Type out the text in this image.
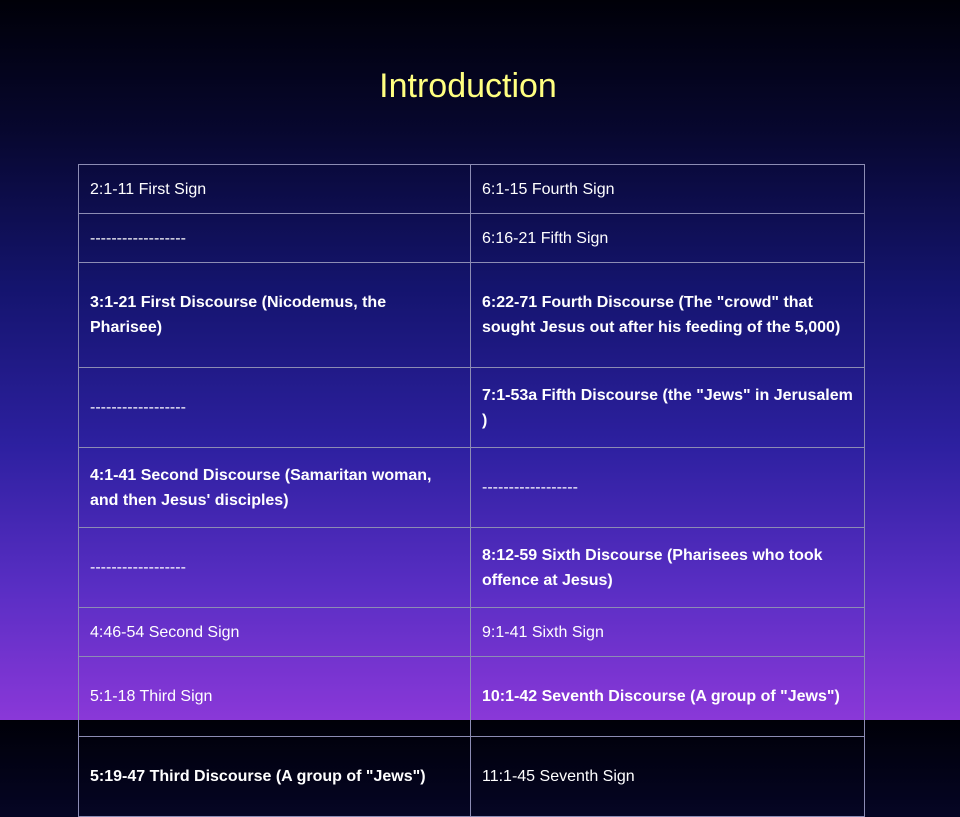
Introduction
2:1-11 First Sign	6:1-15 Fourth Sign
------------------	6:16-21 Fifth Sign
3:1-21 First Discourse (Nicodemus, the Pharisee)	6:22-71 Fourth Discourse (The "crowd" that sought Jesus out after his feeding of the 5,000)
------------------	7:1-53a Fifth Discourse (the "Jews" in Jerusalem )
4:1-41 Second Discourse (Samaritan woman, and then Jesus' disciples)	------------------
------------------	8:12-59 Sixth Discourse (Pharisees who took offence at Jesus)
4:46-54 Second Sign	9:1-41 Sixth Sign
5:1-18 Third Sign	10:1-42 Seventh Discourse (A group of "Jews")
5:19-47 Third Discourse (A group of "Jews")	11:1-45 Seventh Sign
